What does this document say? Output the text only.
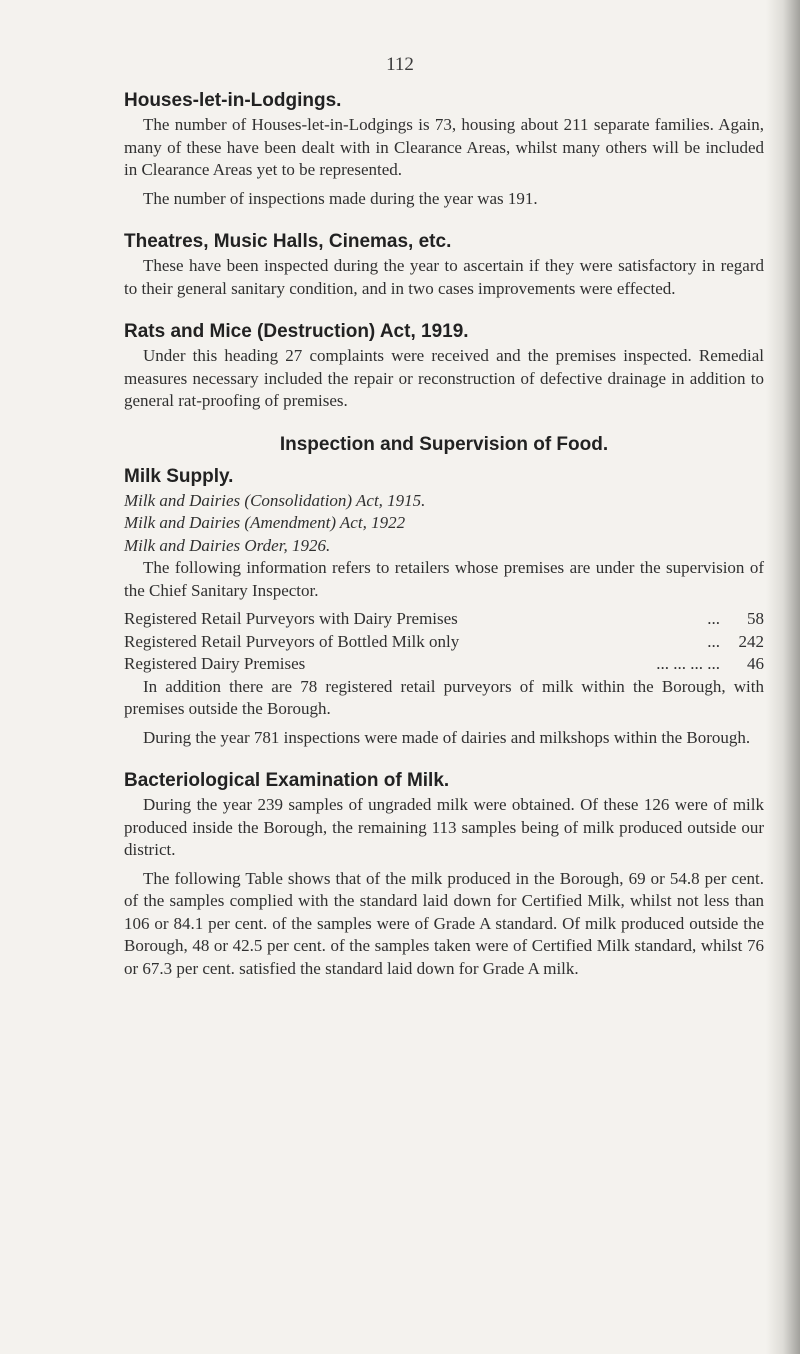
112
Houses-let-in-Lodgings.

The number of Houses-let-in-Lodgings is 73, housing about 211 separate families. Again, many of these have been dealt with in Clearance Areas, whilst many others will be included in Clearance Areas yet to be represented.

The number of inspections made during the year was 191.

Theatres, Music Halls, Cinemas, etc.

These have been inspected during the year to ascertain if they were satisfactory in regard to their general sanitary condition, and in two cases improvements were effected.

Rats and Mice (Destruction) Act, 1919.

Under this heading 27 complaints were received and the premises inspected. Remedial measures necessary included the repair or reconstruction of defective drainage in addition to general rat-proofing of premises.

Inspection and Supervision of Food.
Milk Supply.

Milk and Dairies (Consolidation) Act, 1915.

Milk and Dairies (Amendment) Act, 1922

Milk and Dairies Order, 1926.

The following information refers to retailers whose premises are under the supervision of the Chief Sanitary Inspector.

Registered Retail Purveyors with Dairy Premises	...	58
Registered Retail Purveyors of Bottled Milk only	...	242
Registered Dairy Premises	... ... ... ...	46

In addition there are 78 registered retail purveyors of milk within the Borough, with premises outside the Borough.

During the year 781 inspections were made of dairies and milkshops within the Borough.

Bacteriological Examination of Milk.

During the year 239 samples of ungraded milk were obtained. Of these 126 were of milk produced inside the Borough, the remaining 113 samples being of milk produced outside our district.

The following Table shows that of the milk produced in the Borough, 69 or 54.8 per cent. of the samples complied with the standard laid down for Certified Milk, whilst not less than 106 or 84.1 per cent. of the samples were of Grade A standard. Of milk produced outside the Borough, 48 or 42.5 per cent. of the samples taken were of Certified Milk standard, whilst 76 or 67.3 per cent. satisfied the standard laid down for Grade A milk.
